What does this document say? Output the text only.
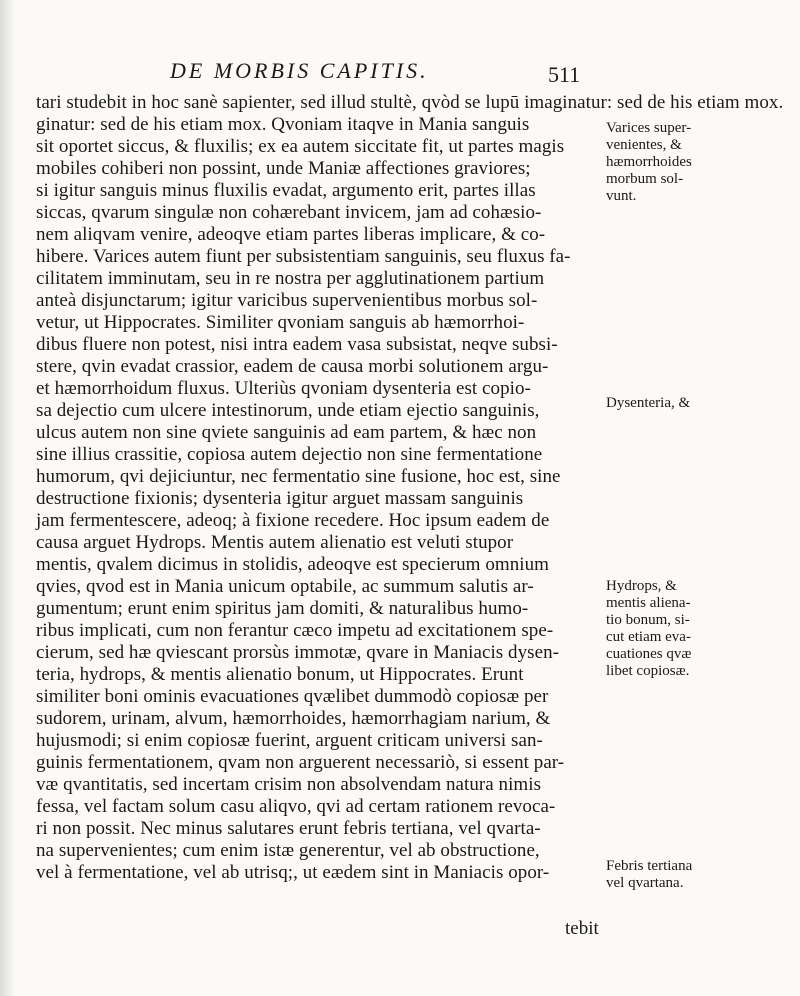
DE MORBIS CAPITIS.	511
tari studebit in hoc sanè sapienter, sed illud stultè, qvòd se lupū imaginatur: sed de his etiam mox.
ginatur: sed de his etiam mox. Qvoniam itaqve in Mania sanguis
sit oportet siccus, & fluxilis; ex ea autem siccitate fit, ut partes magis
mobiles cohiberi non possint, unde Maniæ affectiones graviores;
si igitur sanguis minus fluxilis evadat, argumento erit, partes illas
siccas, qvarum singulæ non cohærebant invicem, jam ad cohæsio-
nem aliqvam venire, adeoqve etiam partes liberas implicare, & co-
hibere. Varices autem fiunt per subsistentiam sanguinis, seu fluxus fa-
cilitatem imminutam, seu in re nostra per agglutinationem partium
anteà disjunctarum; igitur varicibus supervenientibus morbus sol-
vetur, ut Hippocrates. Similiter qvoniam sanguis ab hæmorrhoi-
dibus fluere non potest, nisi intra eadem vasa subsistat, neqve subsi-
stere, qvin evadat crassior, eadem de causa morbi solutionem argu-
et hæmorrhoidum fluxus. Ulteriùs qvoniam dysenteria est copio-
sa dejectio cum ulcere intestinorum, unde etiam ejectio sanguinis,
ulcus autem non sine qviete sanguinis ad eam partem, & hæc non
sine illius crassitie, copiosa autem dejectio non sine fermentatione
humorum, qvi dejiciuntur, nec fermentatio sine fusione, hoc est, sine
destructione fixionis; dysenteria igitur arguet massam sanguinis
jam fermentescere, adeoq; à fixione recedere. Hoc ipsum eadem de
causa arguet Hydrops. Mentis autem alienatio est veluti stupor
mentis, qvalem dicimus in stolidis, adeoqve est specierum omnium
qvies, qvod est in Mania unicum optabile, ac summum salutis ar-
gumentum; erunt enim spiritus jam domiti, & naturalibus humo-
ribus implicati, cum non ferantur cæco impetu ad excitationem spe-
cierum, sed hæ qviescant prorsùs immotæ, qvare in Maniacis dysen-
teria, hydrops, & mentis alienatio bonum, ut Hippocrates. Erunt
similiter boni ominis evacuationes qvælibet dummodò copiosæ per
sudorem, urinam, alvum, hæmorrhoides, hæmorrhagiam narium, &
hujusmodi; si enim copiosæ fuerint, arguent criticam universi san-
guinis fermentationem, qvam non arguerent necessariò, si essent par-
væ qvantitatis, sed incertam crisim non absolvendam natura nimis
fessa, vel factam solum casu aliqvo, qvi ad certam rationem revoca-
ri non possit. Nec minus salutares erunt febris tertiana, vel qvarta-
na supervenientes; cum enim istæ generentur, vel ab obstructione,
vel à fermentatione, vel ab utrisq;, ut eædem sint in Maniacis opor-
Varices super-
venientes, &
hæmorrhoides
morbum sol-
vunt.
Dysenteria, &
Hydrops, &
mentis aliena-
tio bonum, si-
cut etiam eva-
cuationes qvæ
libet copiosæ.
Febris tertiana
vel qvartana.
tebit
